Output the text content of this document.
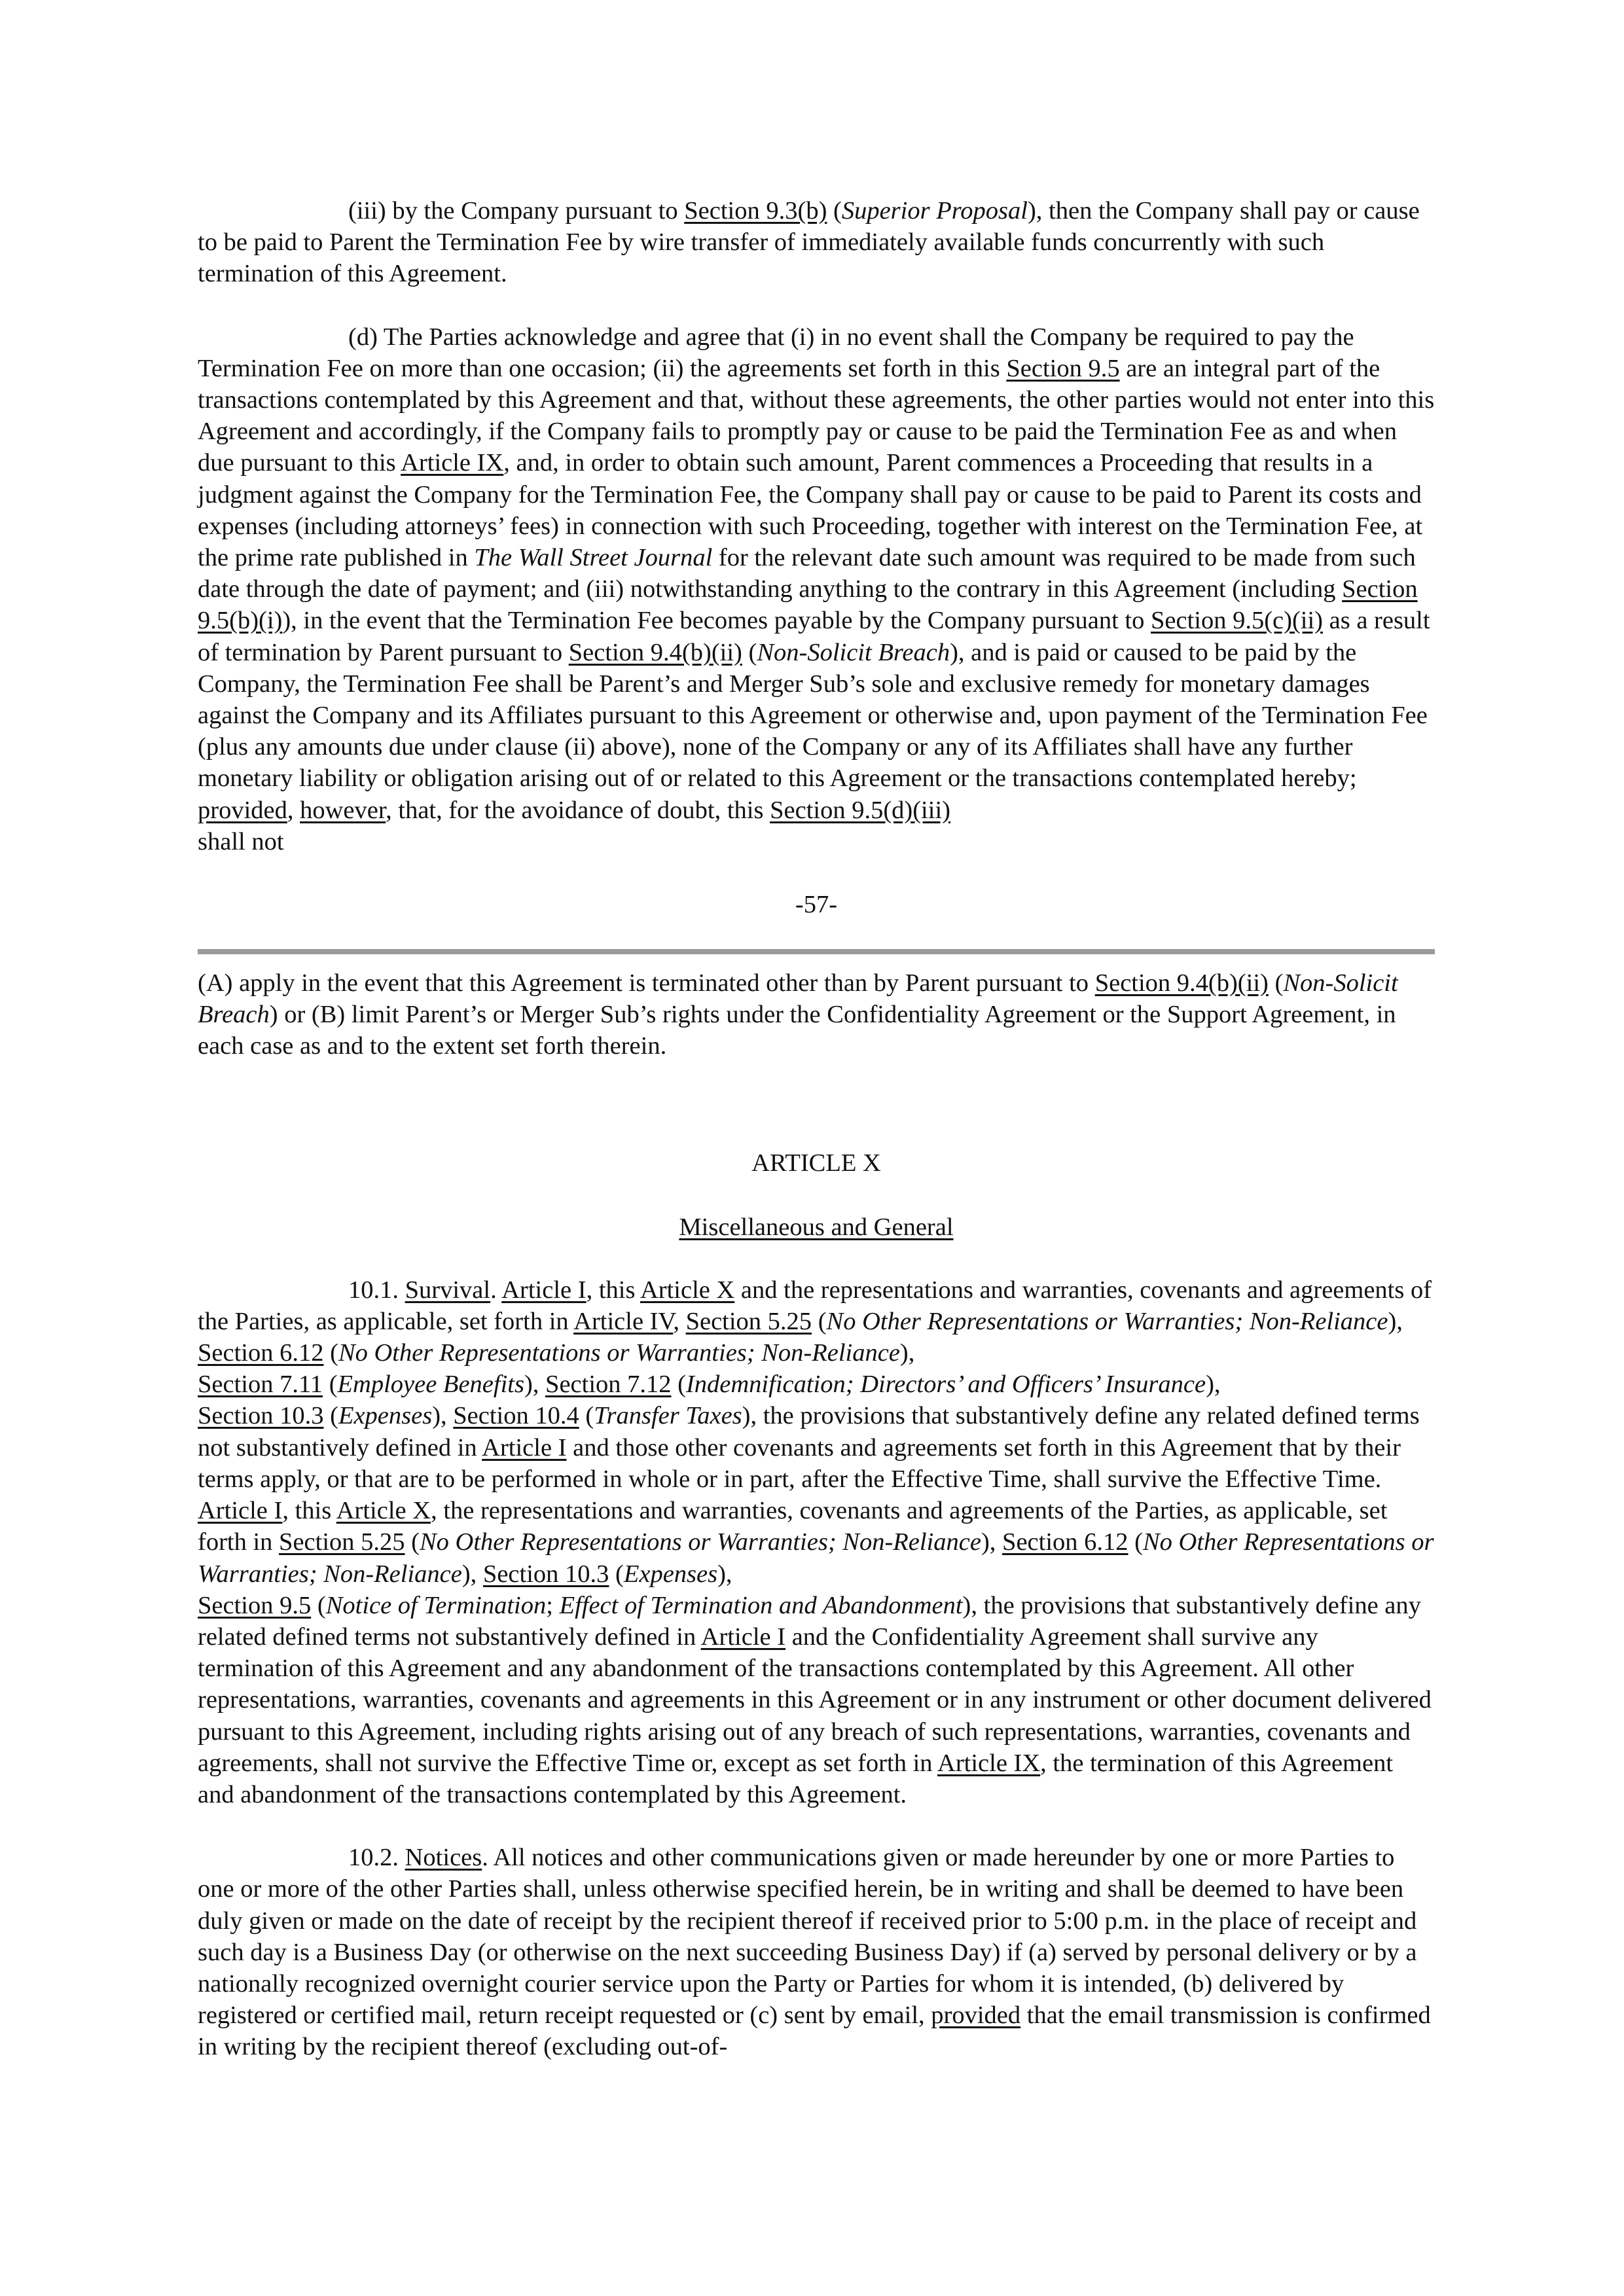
(iii) by the Company pursuant to Section 9.3(b) (Superior Proposal), then the Company shall pay or cause to be paid to Parent the Termination Fee by wire transfer of immediately available funds concurrently with such termination of this Agreement.

(d) The Parties acknowledge and agree that (i) in no event shall the Company be required to pay the Termination Fee on more than one occasion; (ii) the agreements set forth in this Section 9.5 are an integral part of the transactions contemplated by this Agreement and that, without these agreements, the other parties would not enter into this Agreement and accordingly, if the Company fails to promptly pay or cause to be paid the Termination Fee as and when due pursuant to this Article IX, and, in order to obtain such amount, Parent commences a Proceeding that results in a judgment against the Company for the Termination Fee, the Company shall pay or cause to be paid to Parent its costs and expenses (including attorneys’ fees) in connection with such Proceeding, together with interest on the Termination Fee, at the prime rate published in The Wall Street Journal for the relevant date such amount was required to be made from such date through the date of payment; and (iii) notwithstanding anything to the contrary in this Agreement (including Section 9.5(b)(i)), in the event that the Termination Fee becomes payable by the Company pursuant to Section 9.5(c)(ii) as a result of termination by Parent pursuant to Section 9.4(b)(ii) (Non-Solicit Breach), and is paid or caused to be paid by the Company, the Termination Fee shall be Parent’s and Merger Sub’s sole and exclusive remedy for monetary damages against the Company and its Affiliates pursuant to this Agreement or otherwise and, upon payment of the Termination Fee (plus any amounts due under clause (ii) above), none of the Company or any of its Affiliates shall have any further monetary liability or obligation arising out of or related to this Agreement or the transactions contemplated hereby; provided, however, that, for the avoidance of doubt, this Section 9.5(d)(iii)
shall not

-57-

(A) apply in the event that this Agreement is terminated other than by Parent pursuant to Section 9.4(b)(ii) (Non-Solicit Breach) or (B) limit Parent’s or Merger Sub’s rights under the Confidentiality Agreement or the Support Agreement, in each case as and to the extent set forth therein.

ARTICLE X

Miscellaneous and General

10.1. Survival. Article I, this Article X and the representations and warranties, covenants and agreements of the Parties, as applicable, set forth in Article IV, Section 5.25 (No Other Representations or Warranties; Non-Reliance), Section 6.12 (No Other Representations or Warranties; Non-Reliance),
Section 7.11 (Employee Benefits), Section 7.12 (Indemnification; Directors’ and Officers’ Insurance),
Section 10.3 (Expenses), Section 10.4 (Transfer Taxes), the provisions that substantively define any related defined terms not substantively defined in Article I and those other covenants and agreements set forth in this Agreement that by their terms apply, or that are to be performed in whole or in part, after the Effective Time, shall survive the Effective Time. Article I, this Article X, the representations and warranties, covenants and agreements of the Parties, as applicable, set forth in Section 5.25 (No Other Representations or Warranties; Non-Reliance), Section 6.12 (No Other Representations or Warranties; Non-Reliance), Section 10.3 (Expenses),
Section 9.5 (Notice of Termination; Effect of Termination and Abandonment), the provisions that substantively define any related defined terms not substantively defined in Article I and the Confidentiality Agreement shall survive any termination of this Agreement and any abandonment of the transactions contemplated by this Agreement. All other representations, warranties, covenants and agreements in this Agreement or in any instrument or other document delivered pursuant to this Agreement, including rights arising out of any breach of such representations, warranties, covenants and agreements, shall not survive the Effective Time or, except as set forth in Article IX, the termination of this Agreement and abandonment of the transactions contemplated by this Agreement.

10.2. Notices. All notices and other communications given or made hereunder by one or more Parties to one or more of the other Parties shall, unless otherwise specified herein, be in writing and shall be deemed to have been duly given or made on the date of receipt by the recipient thereof if received prior to 5:00 p.m. in the place of receipt and such day is a Business Day (or otherwise on the next succeeding Business Day) if (a) served by personal delivery or by a nationally recognized overnight courier service upon the Party or Parties for whom it is intended, (b) delivered by registered or certified mail, return receipt requested or (c) sent by email, provided that the email transmission is confirmed in writing by the recipient thereof (excluding out-of-
